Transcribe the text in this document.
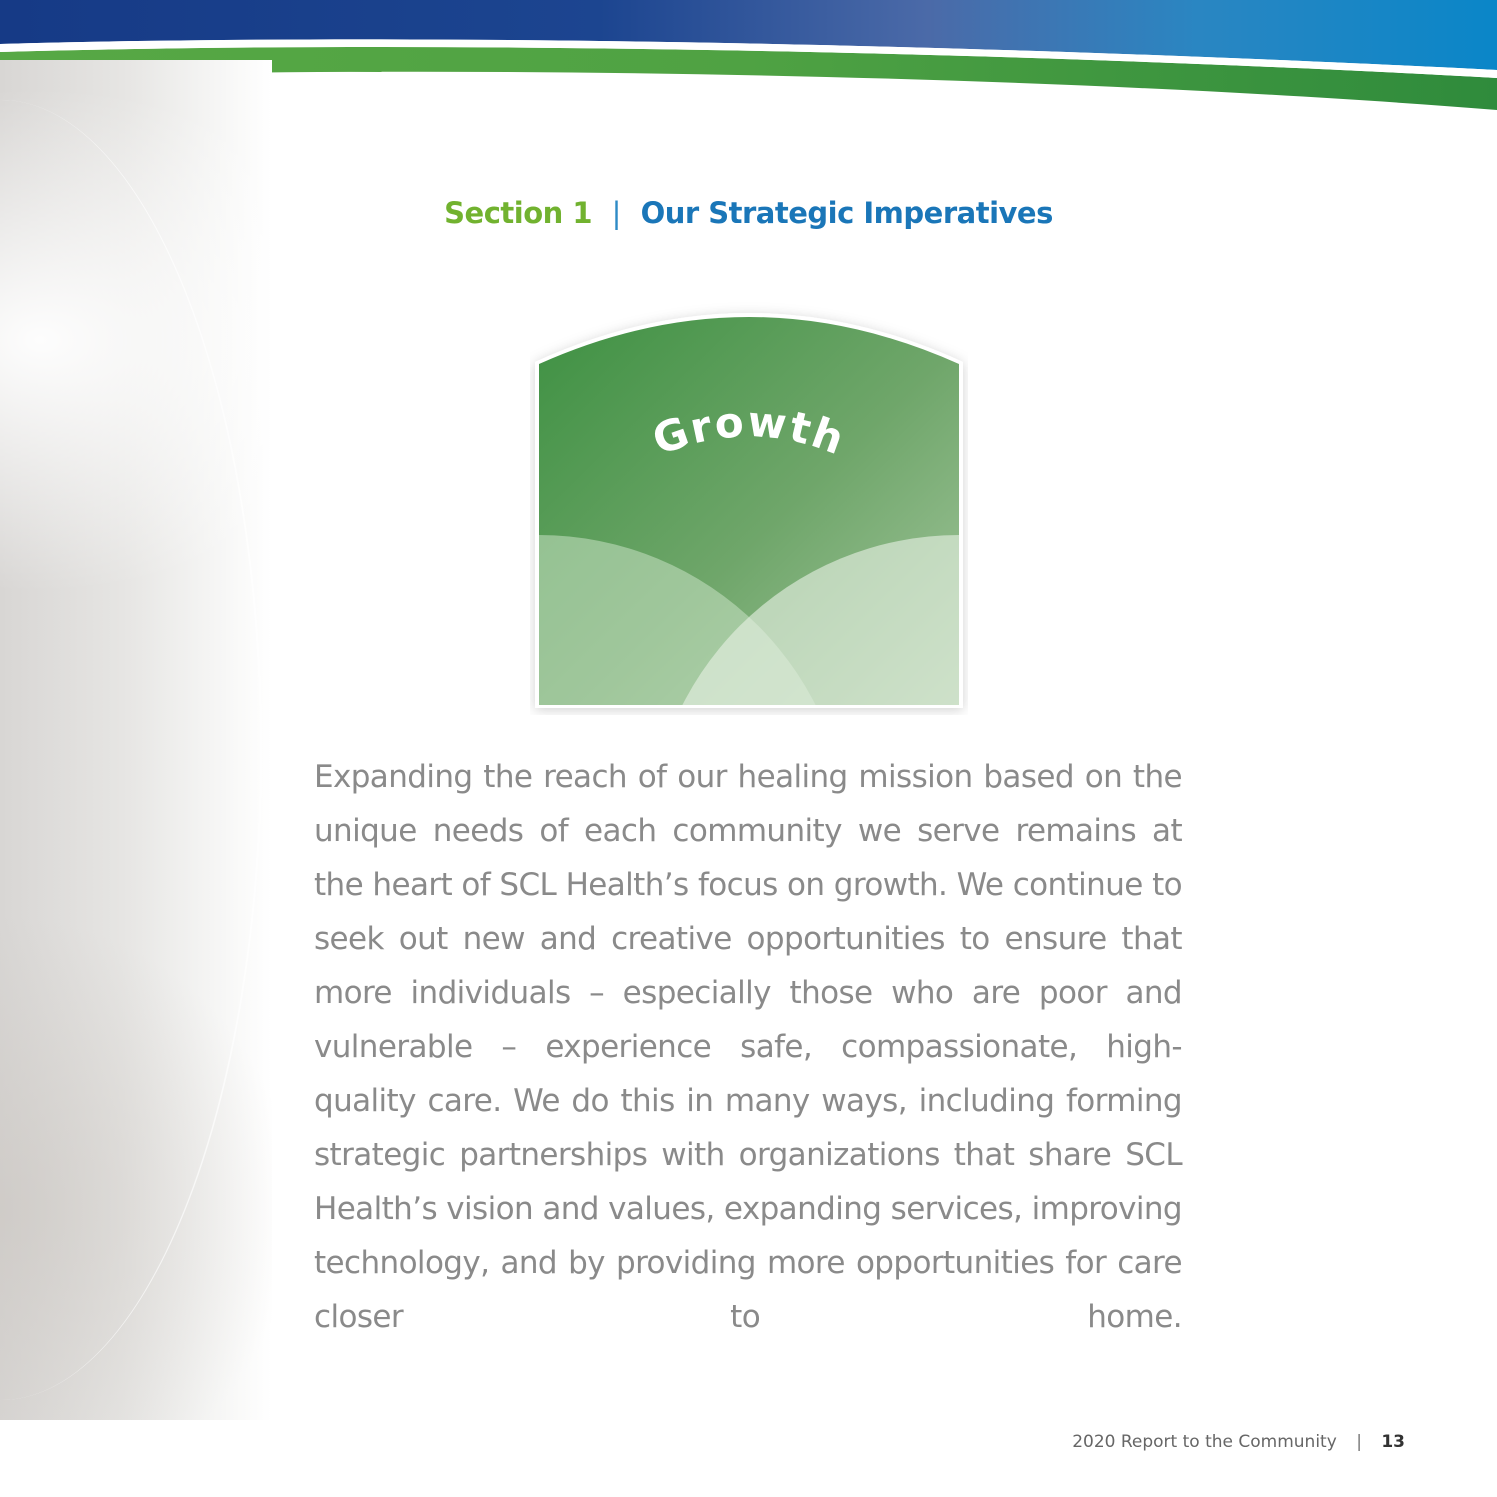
Section 1 | Our Strategic Imperatives
Growth

Expanding the reach of our healing mission based on the unique needs of each community we serve remains at the heart of SCL Health’s focus on growth. We continue to seek out new and creative opportunities to ensure that more individuals – especially those who are poor and vulnerable – experience safe, compassionate, high-quality care. We do this in many ways, including forming strategic partnerships with organizations that share SCL Health’s vision and values, expanding services, improving technology, and by providing more opportunities for care closer to home.

2020 Report to the Community | 13
